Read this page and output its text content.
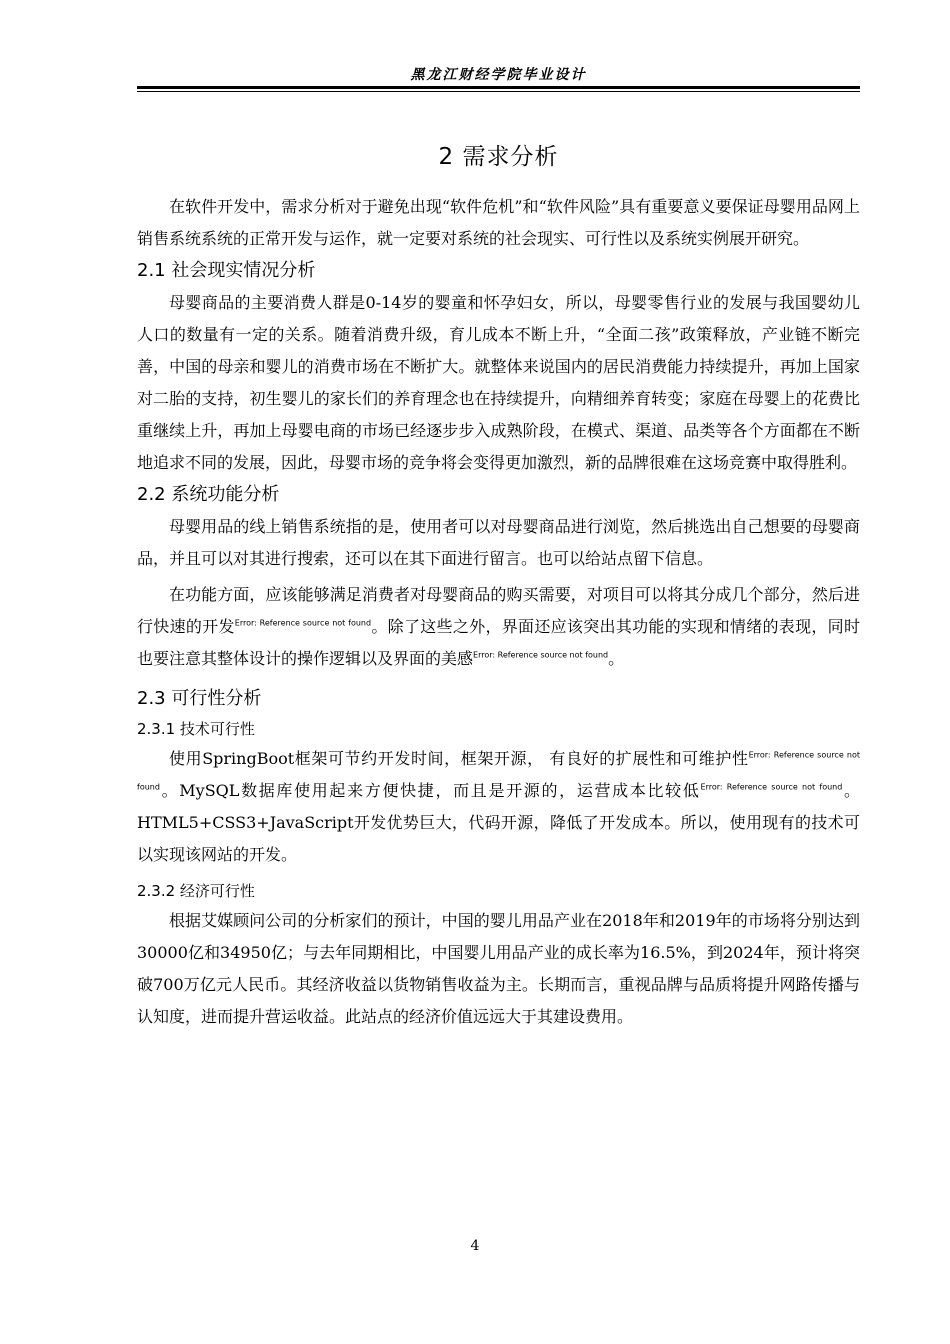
黑龙江财经学院毕业设计
2 需求分析

在软件开发中，需求分析对于避免出现“软件危机”和“软件风险”具有重要意义要保证母婴用品网上销售系统系统的正常开发与运作，就一定要对系统的社会现实、可行性以及系统实例展开研究。

2.1 社会现实情况分析

母婴商品的主要消费人群是0-14岁的婴童和怀孕妇女，所以，母婴零售行业的发展与我国婴幼儿人口的数量有一定的关系。随着消费升级，育儿成本不断上升，“全面二孩”政策释放，产业链不断完善，中国的母亲和婴儿的消费市场在不断扩大。就整体来说国内的居民消费能力持续提升，再加上国家对二胎的支持，初生婴儿的家长们的养育理念也在持续提升，向精细养育转变；家庭在母婴上的花费比重继续上升，再加上母婴电商的市场已经逐步步入成熟阶段，在模式、渠道、品类等各个方面都在不断地追求不同的发展，因此，母婴市场的竞争将会变得更加激烈，新的品牌很难在这场竞赛中取得胜利。

2.2 系统功能分析

母婴用品的线上销售系统指的是，使用者可以对母婴商品进行浏览，然后挑选出自己想要的母婴商品，并且可以对其进行搜索，还可以在其下面进行留言。也可以给站点留下信息。

在功能方面，应该能够满足消费者对母婴商品的购买需要，对项目可以将其分成几个部分，然后进行快速的开发$^{Error: Reference source not found}$。除了这些之外，界面还应该突出其功能的实现和情绪的表现，同时也要注意其整体设计的操作逻辑以及界面的美感$^{Error: Reference source not found}$。

2.3 可行性分析
2.3.1 技术可行性

使用SpringBoot框架可节约开发时间，框架开源， 有良好的扩展性和可维护性$^{Error: Reference source not found}$。MySQL数据库使用起来方便快捷，而且是开源的，运营成本比较低$^{Error: Reference source not found}$。HTML5+CSS3+JavaScript开发优势巨大，代码开源，降低了开发成本。所以，使用现有的技术可以实现该网站的开发。

2.3.2 经济可行性

根据艾媒顾问公司的分析家们的预计，中国的婴儿用品产业在2018年和2019年的市场将分别达到30000亿和34950亿；与去年同期相比，中国婴儿用品产业的成长率为16.5%，到2024年，预计将突破700万亿元人民币。其经济收益以货物销售收益为主。长期而言，重视品牌与品质将提升网路传播与认知度，进而提升营运收益。此站点的经济价值远远大于其建设费用。

4
